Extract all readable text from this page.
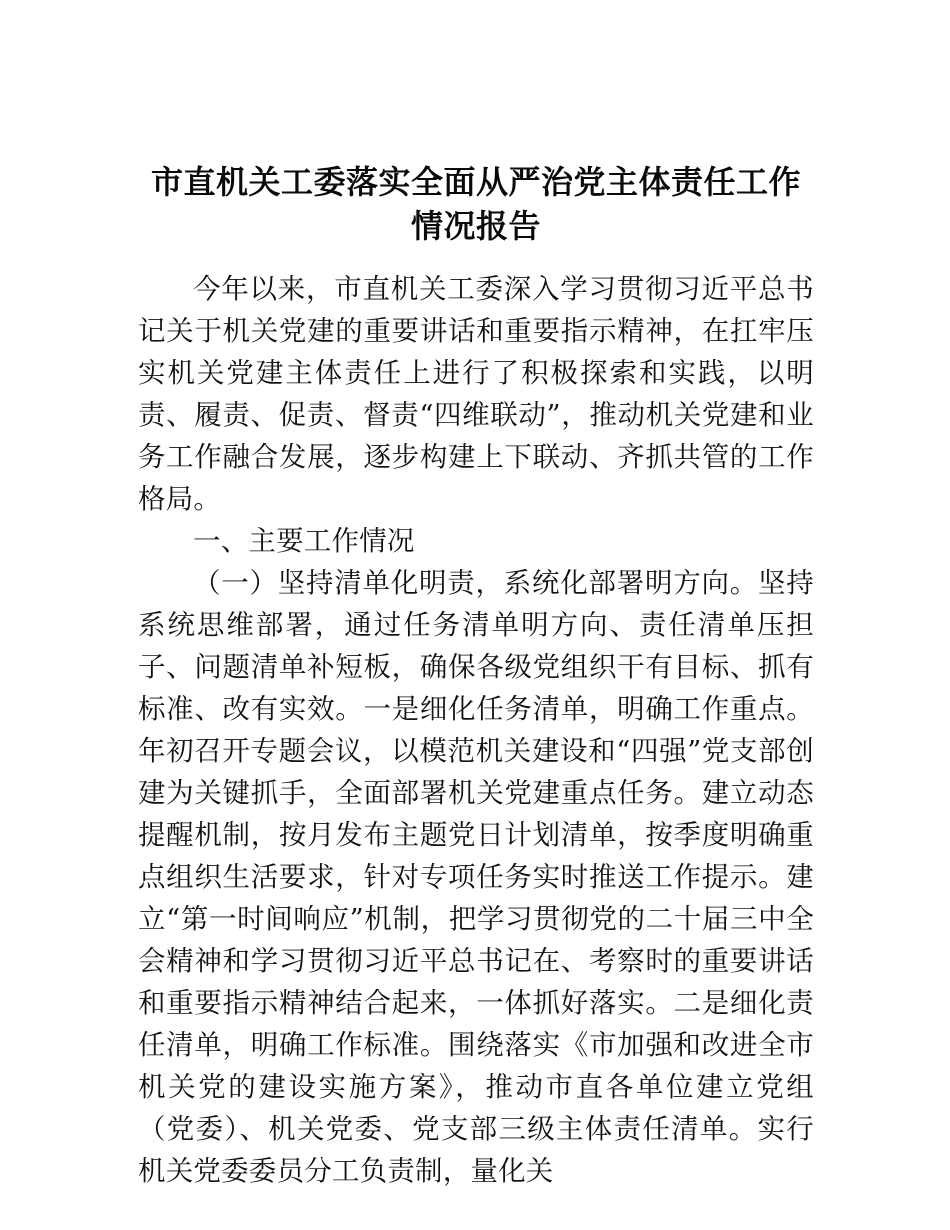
市直机关工委落实全面从严治党主体责任工作情况报告

今年以来，市直机关工委深入学习贯彻习近平总书记关于机关党建的重要讲话和重要指示精神，在扛牢压实机关党建主体责任上进行了积极探索和实践，以明责、履责、促责、督责“四维联动”，推动机关党建和业务工作融合发展，逐步构建上下联动、齐抓共管的工作格局。

一、主要工作情况

（一）坚持清单化明责，系统化部署明方向。坚持系统思维部署，通过任务清单明方向、责任清单压担子、问题清单补短板，确保各级党组织干有目标、抓有标准、改有实效。一是细化任务清单，明确工作重点。年初召开专题会议，以模范机关建设和“四强”党支部创建为关键抓手，全面部署机关党建重点任务。建立动态提醒机制，按月发布主题党日计划清单，按季度明确重点组织生活要求，针对专项任务实时推送工作提示。建立“第一时间响应”机制，把学习贯彻党的二十届三中全会精神和学习贯彻习近平总书记在、考察时的重要讲话和重要指示精神结合起来，一体抓好落实。二是细化责任清单，明确工作标准。围绕落实《市加强和改进全市机关党的建设实施方案》，推动市直各单位建立党组（党委）、机关党委、党支部三级主体责任清单。实行机关党委委员分工负责制，量化关
